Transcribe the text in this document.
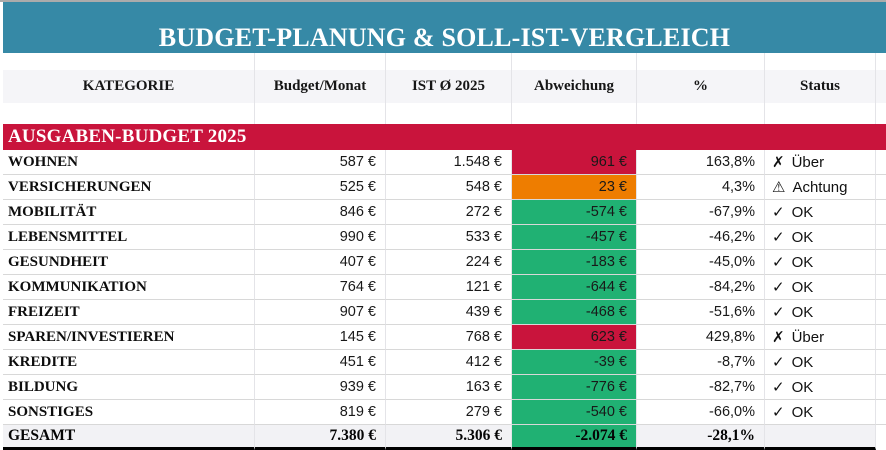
BUDGET-PLANUNG & SOLL-IST-VERGLEICH
KATEGORIE	Budget/Monat	IST Ø 2025	Abweichung	%	Status
AUSGABEN-BUDGET 2025
WOHNEN	587 €	1.548 €	961 €	163,8%	✗ Über
VERSICHERUNGEN	525 €	548 €	23 €	4,3%	⚠ Achtung
MOBILITÄT	846 €	272 €	-574 €	-67,9%	✓ OK
LEBENSMITTEL	990 €	533 €	-457 €	-46,2%	✓ OK
GESUNDHEIT	407 €	224 €	-183 €	-45,0%	✓ OK
KOMMUNIKATION	764 €	121 €	-644 €	-84,2%	✓ OK
FREIZEIT	907 €	439 €	-468 €	-51,6%	✓ OK
SPAREN/INVESTIEREN	145 €	768 €	623 €	429,8%	✗ Über
KREDITE	451 €	412 €	-39 €	-8,7%	✓ OK
BILDUNG	939 €	163 €	-776 €	-82,7%	✓ OK
SONSTIGES	819 €	279 €	-540 €	-66,0%	✓ OK
GESAMT	7.380 €	5.306 €	-2.074 €	-28,1%
